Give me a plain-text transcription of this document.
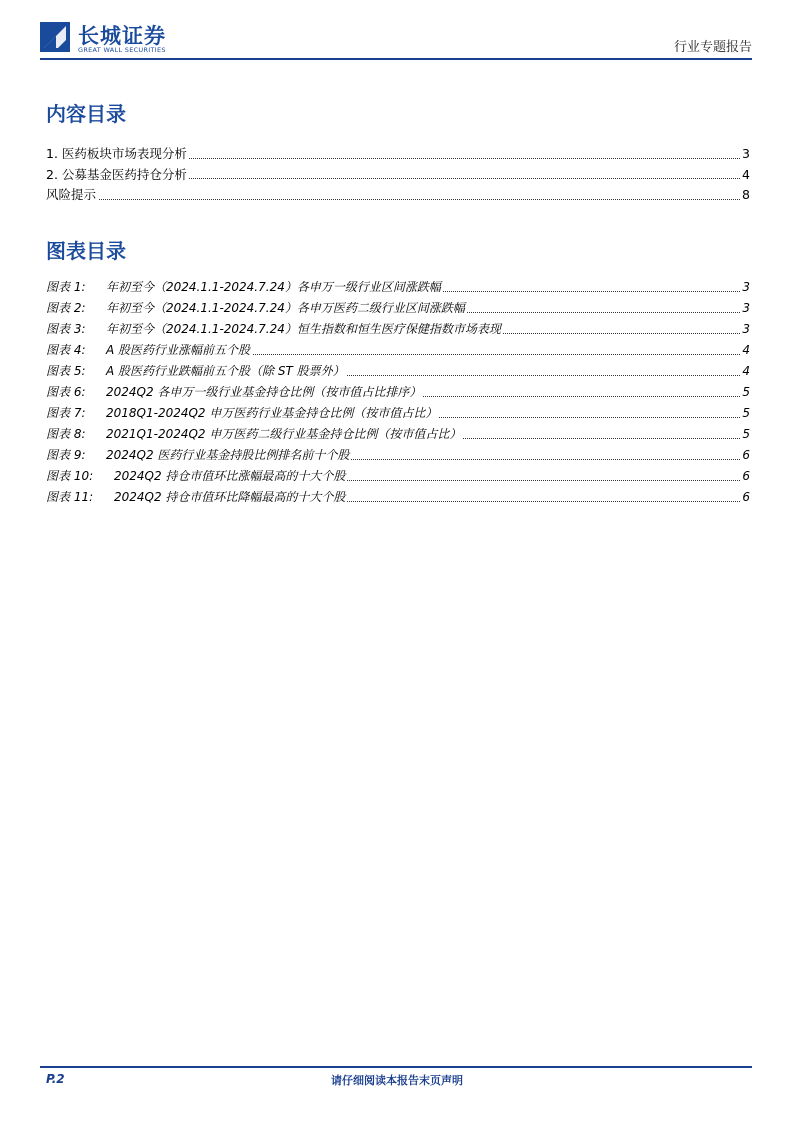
长城证券
GREAT WALL SECURITIES	行业专题报告
内容目录
1. 医药板块市场表现分析	3
2. 公募基金医药持仓分析	4
风险提示	8
图表目录
图表 1: 年初至今（2024.1.1-2024.7.24）各申万一级行业区间涨跌幅	3
图表 2: 年初至今（2024.1.1-2024.7.24）各申万医药二级行业区间涨跌幅	3
图表 3: 年初至今（2024.1.1-2024.7.24）恒生指数和恒生医疗保健指数市场表现	3
图表 4: A 股医药行业涨幅前五个股	4
图表 5: A 股医药行业跌幅前五个股（除 ST 股票外）	4
图表 6: 2024Q2 各申万一级行业基金持仓比例（按市值占比排序）	5
图表 7: 2018Q1-2024Q2 申万医药行业基金持仓比例（按市值占比）	5
图表 8: 2021Q1-2024Q2 申万医药二级行业基金持仓比例（按市值占比）	5
图表 9: 2024Q2 医药行业基金持股比例排名前十个股	6
图表 10: 2024Q2 持仓市值环比涨幅最高的十大个股	6
图表 11: 2024Q2 持仓市值环比降幅最高的十大个股	6
P.2	请仔细阅读本报告末页声明
